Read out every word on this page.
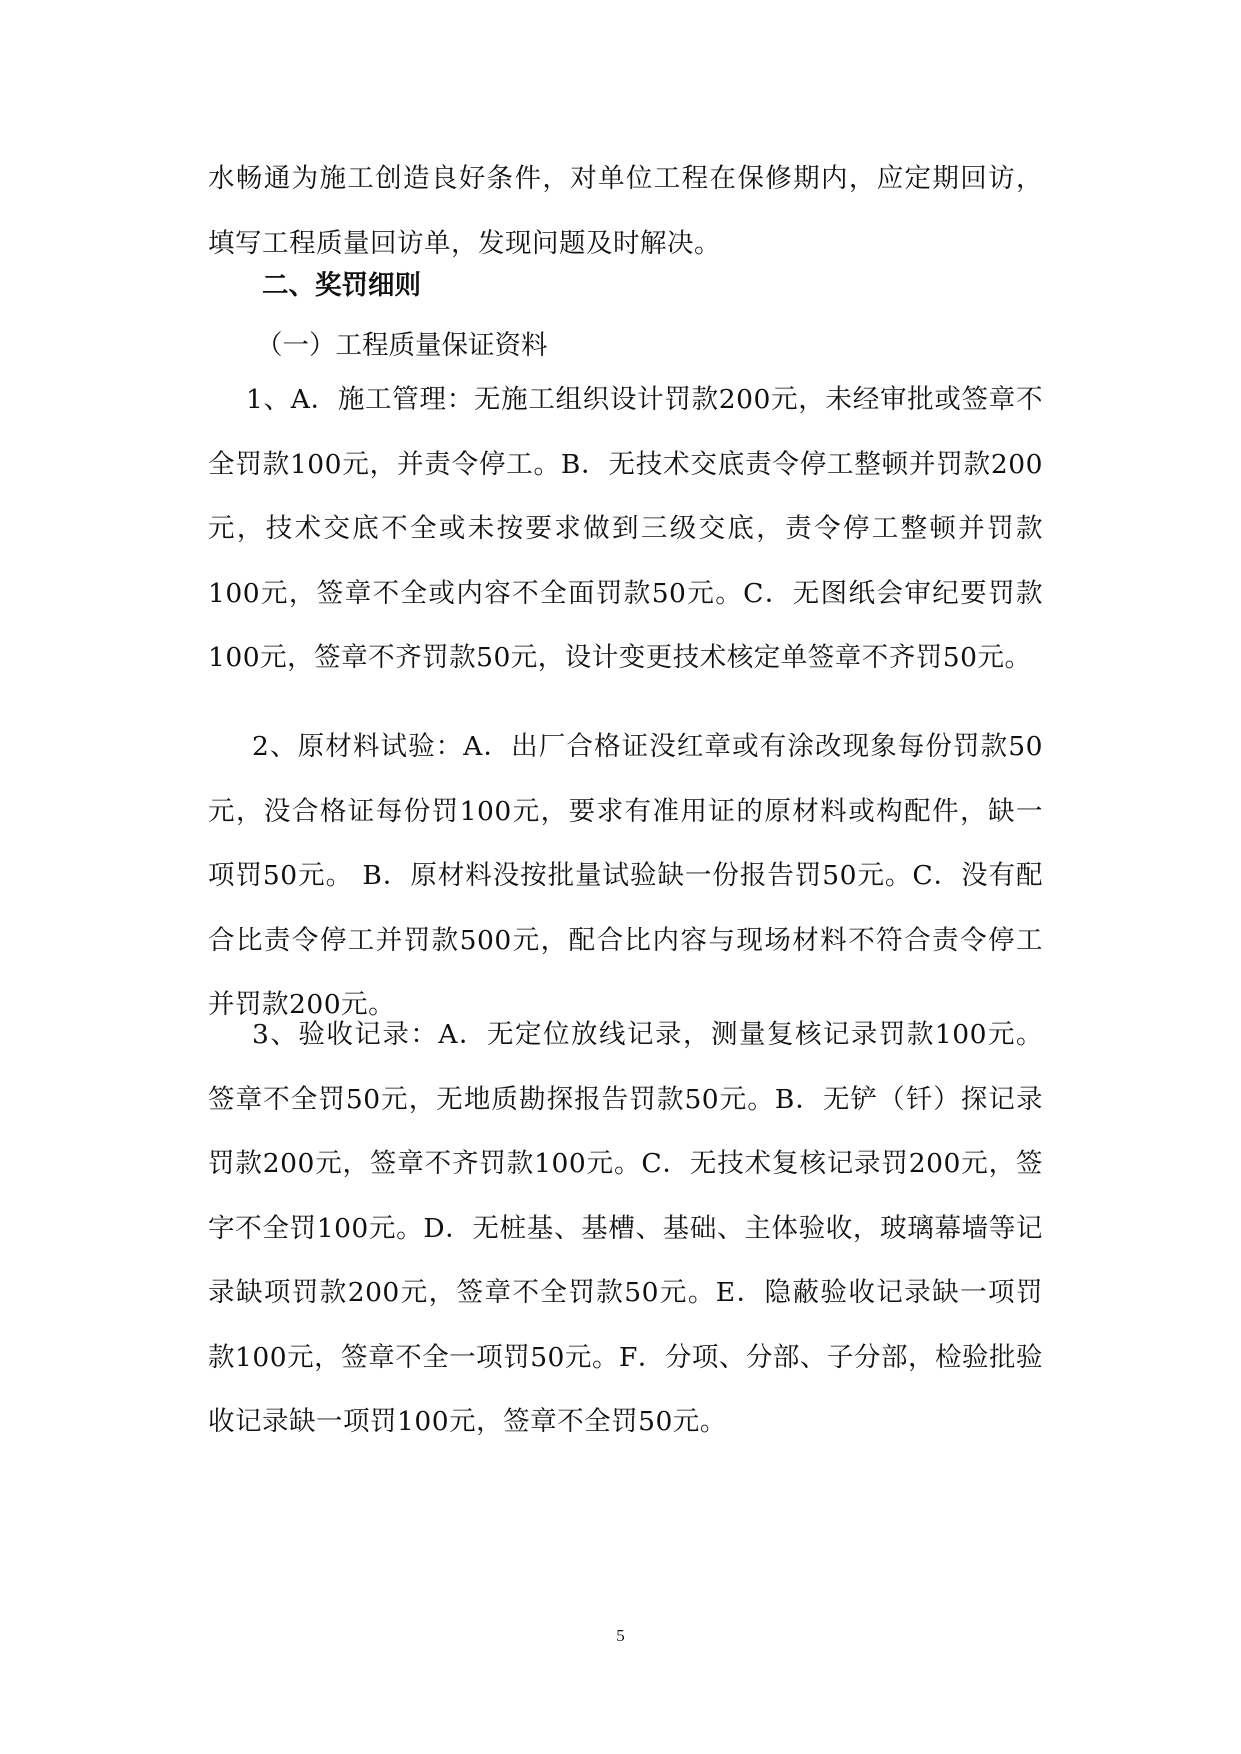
水畅通为施工创造良好条件，对单位工程在保修期内，应定期回访，填写工程质量回访单，发现问题及时解决。

二、奖罚细则
（一）工程质量保证资料

1、A．施工管理：无施工组织设计罚款200元，未经审批或签章不全罚款100元，并责令停工。B．无技术交底责令停工整顿并罚款200元，技术交底不全或未按要求做到三级交底，责令停工整顿并罚款100元，签章不全或内容不全面罚款50元。C．无图纸会审纪要罚款100元，签章不齐罚款50元，设计变更技术核定单签章不齐罚50元。

2、原材料试验：A．出厂合格证没红章或有涂改现象每份罚款50元，没合格证每份罚100元，要求有准用证的原材料或构配件，缺一项罚50元。 B．原材料没按批量试验缺一份报告罚50元。C．没有配合比责令停工并罚款500元，配合比内容与现场材料不符合责令停工并罚款200元。

3、验收记录：A．无定位放线记录，测量复核记录罚款100元。签章不全罚50元，无地质勘探报告罚款50元。B．无铲（钎）探记录罚款200元，签章不齐罚款100元。C．无技术复核记录罚200元，签字不全罚100元。D．无桩基、基槽、基础、主体验收，玻璃幕墙等记录缺项罚款200元，签章不全罚款50元。E．隐蔽验收记录缺一项罚款100元，签章不全一项罚50元。F．分项、分部、子分部，检验批验收记录缺一项罚100元，签章不全罚50元。

5
